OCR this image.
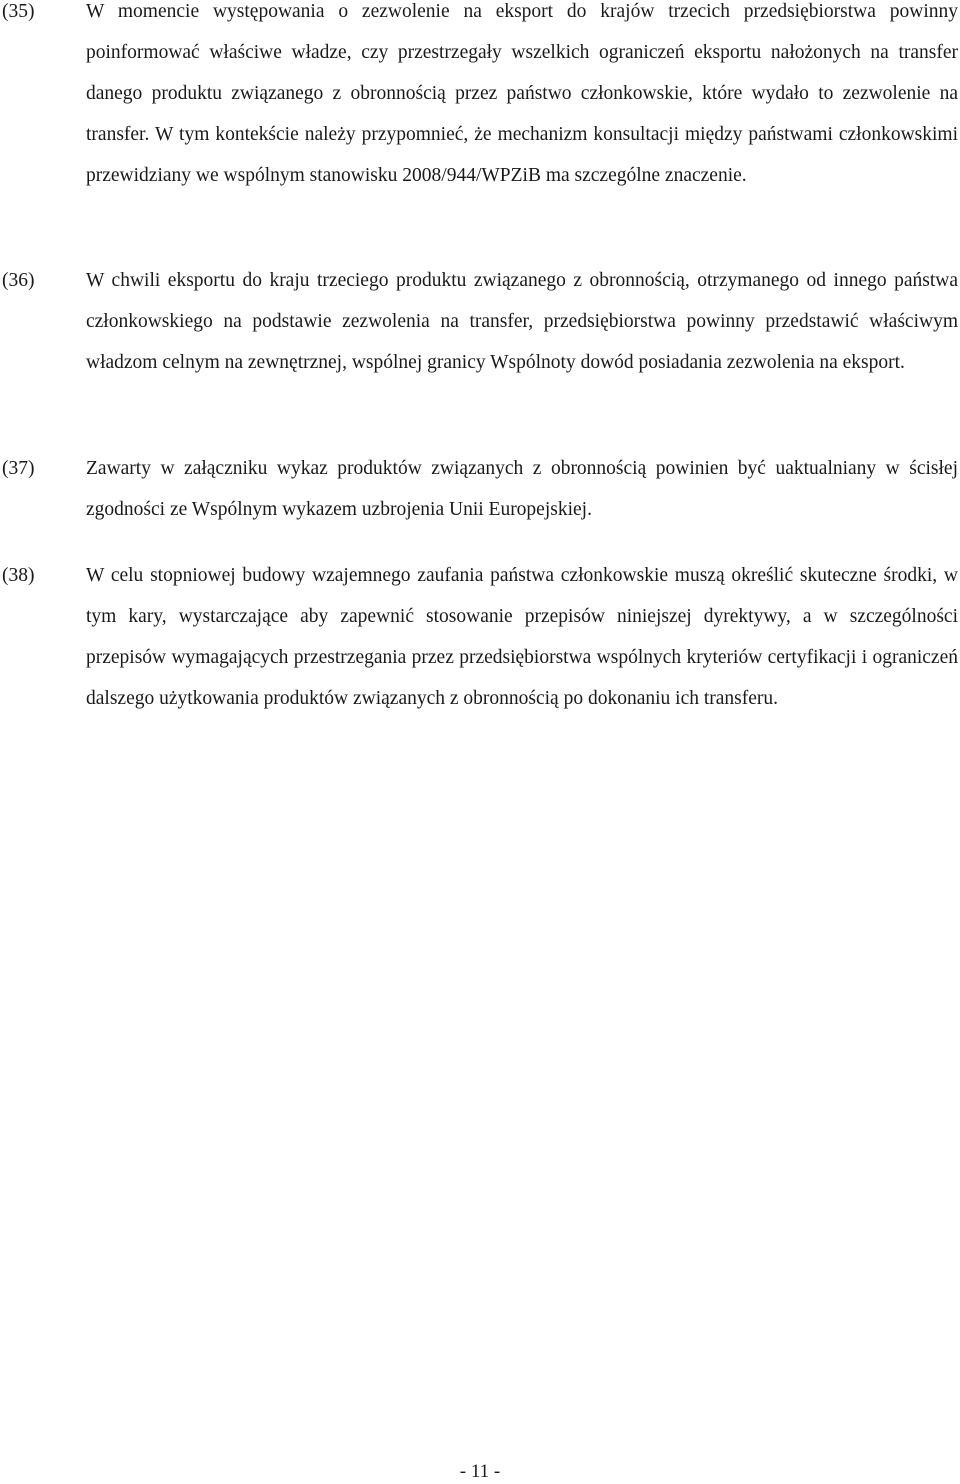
(35)	W momencie występowania o zezwolenie na eksport do krajów trzecich przedsiębiorstwa powinny poinformować właściwe władze, czy przestrzegały wszelkich ograniczeń eksportu nałożonych na transfer danego produktu związanego z obronnością przez państwo członkowskie, które wydało to zezwolenie na transfer. W tym kontekście należy przypomnieć, że mechanizm konsultacji między państwami członkowskimi przewidziany we wspólnym stanowisku 2008/944/WPZiB ma szczególne znaczenie.

(36)	W chwili eksportu do kraju trzeciego produktu związanego z obronnością, otrzymanego od innego państwa członkowskiego na podstawie zezwolenia na transfer, przedsiębiorstwa powinny przedstawić właściwym władzom celnym na zewnętrznej, wspólnej granicy Wspólnoty dowód posiadania zezwolenia na eksport.

(37)	Zawarty w załączniku wykaz produktów związanych z obronnością powinien być uaktualniany w ścisłej zgodności ze Wspólnym wykazem uzbrojenia Unii Europejskiej.

(38)	W celu stopniowej budowy wzajemnego zaufania państwa członkowskie muszą określić skuteczne środki, w tym kary, wystarczające aby zapewnić stosowanie przepisów niniejszej dyrektywy, a w szczególności przepisów wymagających przestrzegania przez przedsiębiorstwa wspólnych kryteriów certyfikacji i ograniczeń dalszego użytkowania produktów związanych z obronnością po dokonaniu ich transferu.

- 11 -
